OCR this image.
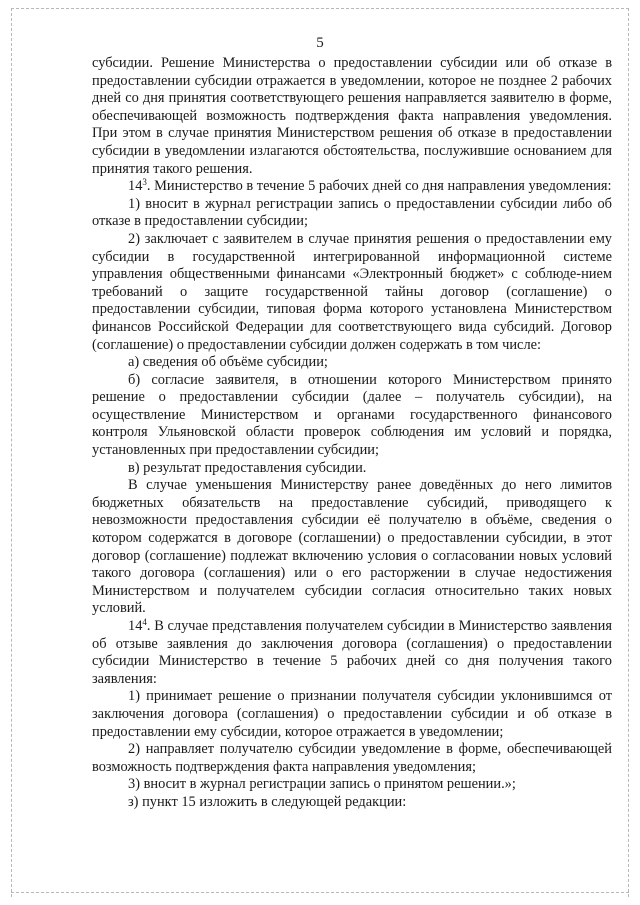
5

субсидии. Решение Министерства о предоставлении субсидии или об отказе в предоставлении субсидии отражается в уведомлении, которое не позднее 2 рабочих дней со дня принятия соответствующего решения направляется заявителю в форме, обеспечивающей возможность подтверждения факта направления уведомления. При этом в случае принятия Министерством решения об отказе в предоставлении субсидии в уведомлении излагаются обстоятельства, послужившие основанием для принятия такого решения.

$14^3$. Министерство в течение 5 рабочих дней со дня направления уведомления:

1) вносит в журнал регистрации запись о предоставлении субсидии либо об отказе в предоставлении субсидии;

2) заключает с заявителем в случае принятия решения о предоставлении ему субсидии в государственной интегрированной информационной системе управления общественными финансами «Электронный бюджет» с соблюде-нием требований о защите государственной тайны договор (соглашение) о предоставлении субсидии, типовая форма которого установлена Министерством финансов Российской Федерации для соответствующего вида субсидий. Договор (соглашение) о предоставлении субсидии должен содержать в том числе:

а) сведения об объёме субсидии;

б) согласие заявителя, в отношении которого Министерством принято решение о предоставлении субсидии (далее – получатель субсидии), на осуществление Министерством и органами государственного финансового контроля Ульяновской области проверок соблюдения им условий и порядка, установленных при предоставлении субсидии;

в) результат предоставления субсидии.

В случае уменьшения Министерству ранее доведённых до него лимитов бюджетных обязательств на предоставление субсидий, приводящего к невозможности предоставления субсидии её получателю в объёме, сведения о котором содержатся в договоре (соглашении) о предоставлении субсидии, в этот договор (соглашение) подлежат включению условия о согласовании новых условий такого договора (соглашения) или о его расторжении в случае недостижения Министерством и получателем субсидии согласия относительно таких новых условий.

$14^4$. В случае представления получателем субсидии в Министерство заявления об отзыве заявления до заключения договора (соглашения) о предоставлении субсидии Министерство в течение 5 рабочих дней со дня получения такого заявления:

1) принимает решение о признании получателя субсидии уклонившимся от заключения договора (соглашения) о предоставлении субсидии и об отказе в предоставлении ему субсидии, которое отражается в уведомлении;

2) направляет получателю субсидии уведомление в форме, обеспечивающей возможность подтверждения факта направления уведомления;

3) вносит в журнал регистрации запись о принятом решении.»;

з) пункт 15 изложить в следующей редакции:
